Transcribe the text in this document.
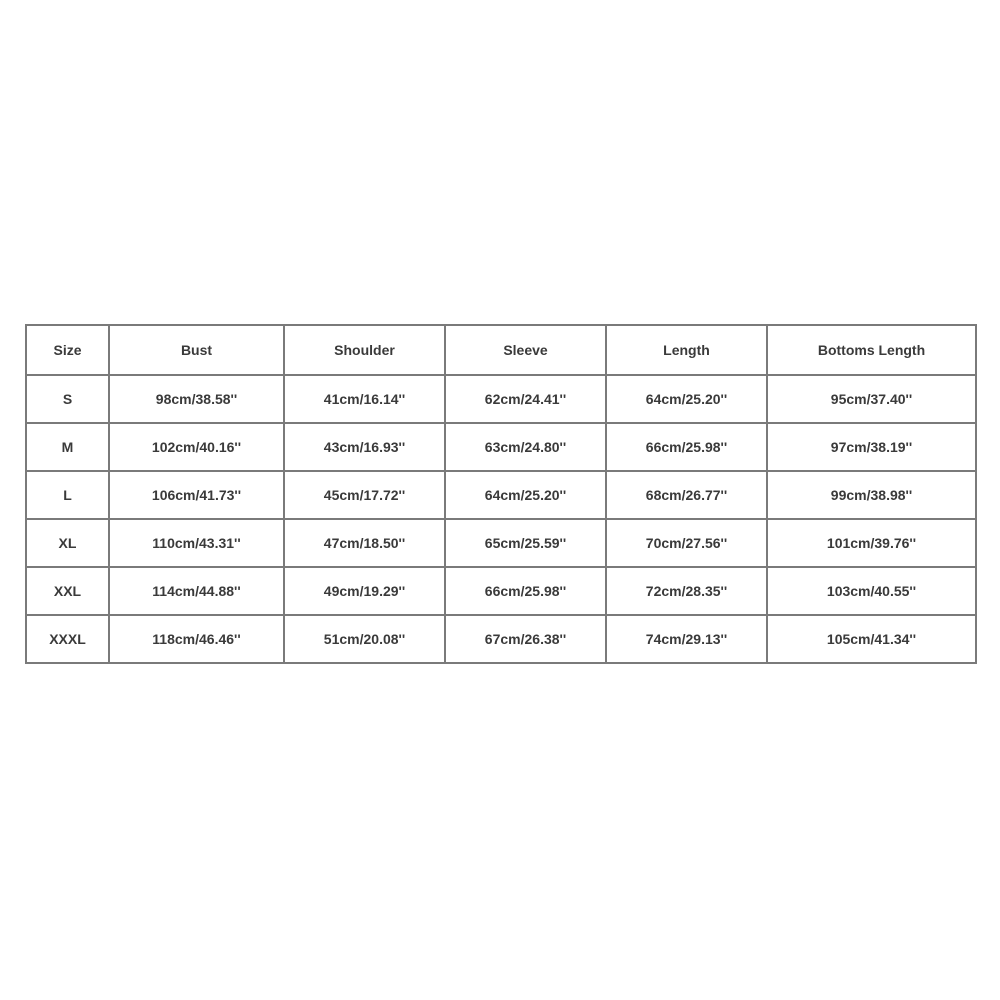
Size	Bust	Shoulder	Sleeve	Length	Bottoms Length
S	98cm/38.58''	41cm/16.14''	62cm/24.41''	64cm/25.20''	95cm/37.40''
M	102cm/40.16''	43cm/16.93''	63cm/24.80''	66cm/25.98''	97cm/38.19''
L	106cm/41.73''	45cm/17.72''	64cm/25.20''	68cm/26.77''	99cm/38.98''
XL	110cm/43.31''	47cm/18.50''	65cm/25.59''	70cm/27.56''	101cm/39.76''
XXL	114cm/44.88''	49cm/19.29''	66cm/25.98''	72cm/28.35''	103cm/40.55''
XXXL	118cm/46.46''	51cm/20.08''	67cm/26.38''	74cm/29.13''	105cm/41.34''
